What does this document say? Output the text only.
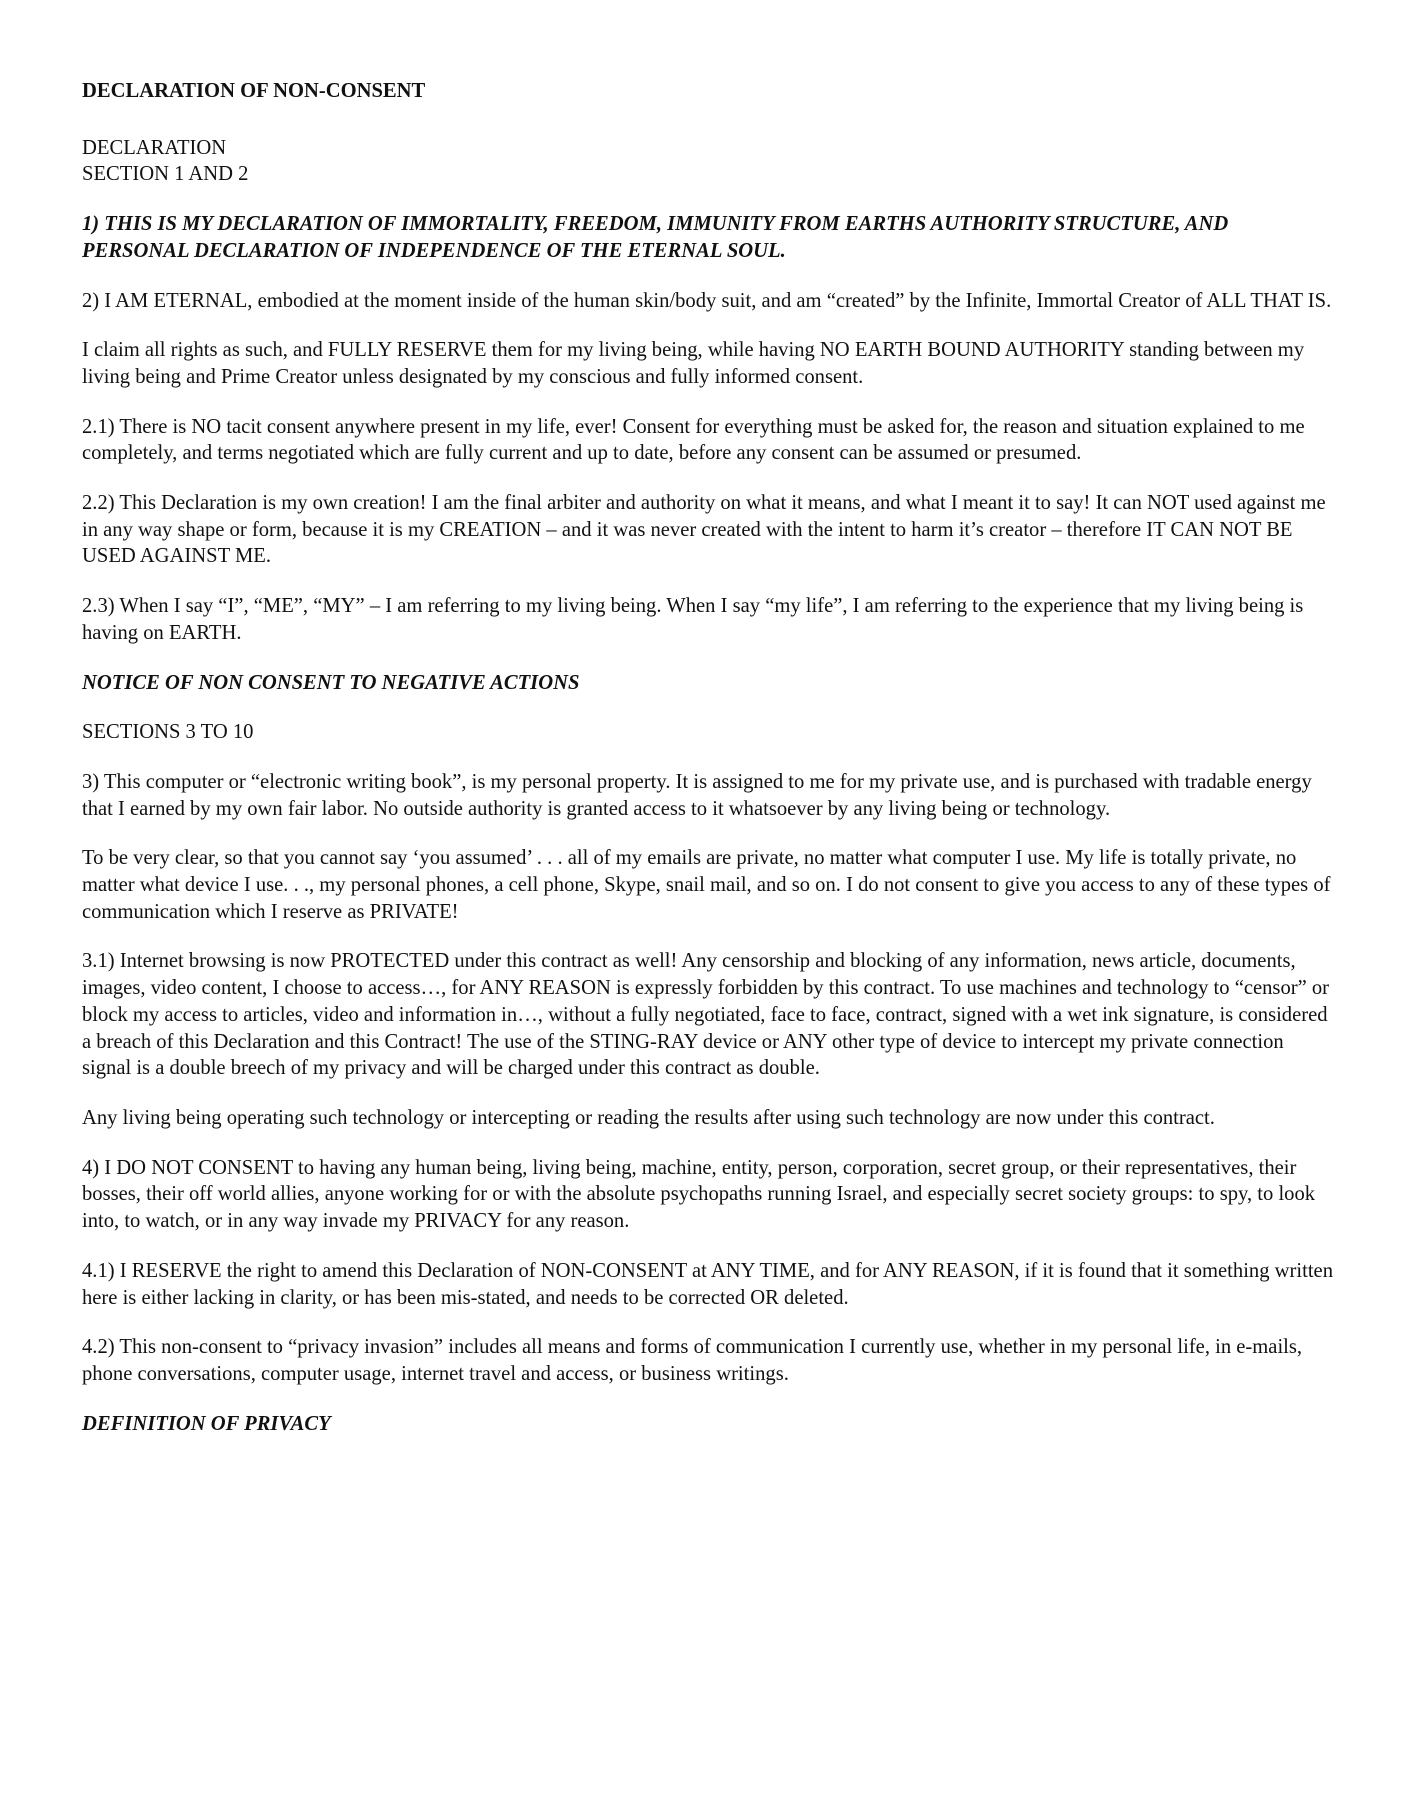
DECLARATION OF NON-CONSENT

DECLARATION

SECTION 1 AND 2

1) THIS IS MY DECLARATION OF IMMORTALITY, FREEDOM, IMMUNITY FROM EARTHS AUTHORITY STRUCTURE, AND PERSONAL DECLARATION OF INDEPENDENCE OF THE ETERNAL SOUL.

2) I AM ETERNAL, embodied at the moment inside of the human skin/body suit, and am “created” by the Infinite, Immortal Creator of ALL THAT IS.

I claim all rights as such, and FULLY RESERVE them for my living being, while having NO EARTH BOUND AUTHORITY standing between my living being and Prime Creator unless designated by my conscious and fully informed consent.

2.1) There is NO tacit consent anywhere present in my life, ever! Consent for everything must be asked for, the reason and situation explained to me completely, and terms negotiated which are fully current and up to date, before any consent can be assumed or presumed.

2.2) This Declaration is my own creation! I am the final arbiter and authority on what it means, and what I meant it to say! It can NOT used against me in any way shape or form, because it is my CREATION – and it was never created with the intent to harm it’s creator – therefore IT CAN NOT BE USED AGAINST ME.

2.3) When I say “I”, “ME”, “MY” – I am referring to my living being. When I say “my life”, I am referring to the experience that my living being is having on EARTH.

NOTICE OF NON CONSENT TO NEGATIVE ACTIONS

SECTIONS 3 TO 10

3) This computer or “electronic writing book”, is my personal property. It is assigned to me for my private use, and is purchased with tradable energy that I earned by my own fair labor. No outside authority is granted access to it whatsoever by any living being or technology.

To be very clear, so that you cannot say ‘you assumed’ . . . all of my emails are private, no matter what computer I use. My life is totally private, no matter what device I use. . ., my personal phones, a cell phone, Skype, snail mail, and so on. I do not consent to give you access to any of these types of communication which I reserve as PRIVATE!

3.1) Internet browsing is now PROTECTED under this contract as well! Any censorship and blocking of any information, news article, documents, images, video content, I choose to access…, for ANY REASON is expressly forbidden by this contract. To use machines and technology to “censor” or block my access to articles, video and information in…, without a fully negotiated, face to face, contract, signed with a wet ink signature, is considered a breach of this Declaration and this Contract! The use of the STING-RAY device or ANY other type of device to intercept my private connection signal is a double breech of my privacy and will be charged under this contract as double.

Any living being operating such technology or intercepting or reading the results after using such technology are now under this contract.

4) I DO NOT CONSENT to having any human being, living being, machine, entity, person, corporation, secret group, or their representatives, their bosses, their off world allies, anyone working for or with the absolute psychopaths running Israel, and especially secret society groups: to spy, to look into, to watch, or in any way invade my PRIVACY for any reason.

4.1) I RESERVE the right to amend this Declaration of NON-CONSENT at ANY TIME, and for ANY REASON, if it is found that it something written here is either lacking in clarity, or has been mis-stated, and needs to be corrected OR deleted.

4.2) This non-consent to “privacy invasion” includes all means and forms of communication I currently use, whether in my personal life, in e-mails, phone conversations, computer usage, internet travel and access, or business writings.

DEFINITION OF PRIVACY
